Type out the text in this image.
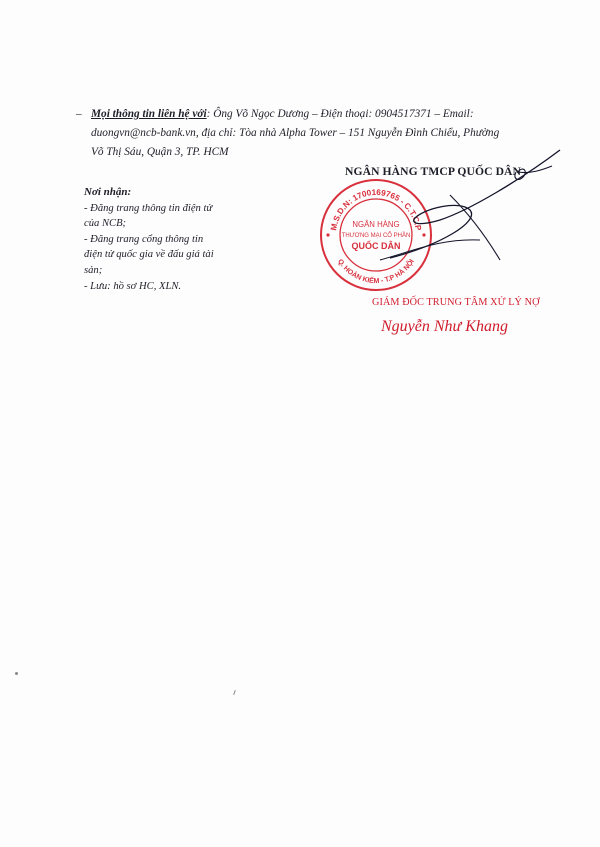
– Mọi thông tin liên hệ với: Ông Võ Ngọc Dương – Điện thoại: 0904517371 – Email:
duongvn@ncb-bank.vn, địa chỉ: Tòa nhà Alpha Tower – 151 Nguyễn Đình Chiểu, Phường
Võ Thị Sáu, Quận 3, TP. HCM
Nơi nhận:
- Đăng trang thông tin điện tử
của NCB;
- Đăng trang cổng thông tin
điện tử quốc gia về đấu giá tài
sản;
- Lưu: hồ sơ HC, XLN.
NGÂN HÀNG TMCP QUỐC DÂN
M.S.D.N: 1700169765 - C.T.C.P
Q. HOÀN KIẾM - T.P HÀ NỘI
NGÂN HÀNG
THƯƠNG MẠI CỔ PHẦN
QUỐC DÂN
GIÁM ĐỐC TRUNG TÂM XỬ LÝ NỢ
Nguyễn Như Khang
